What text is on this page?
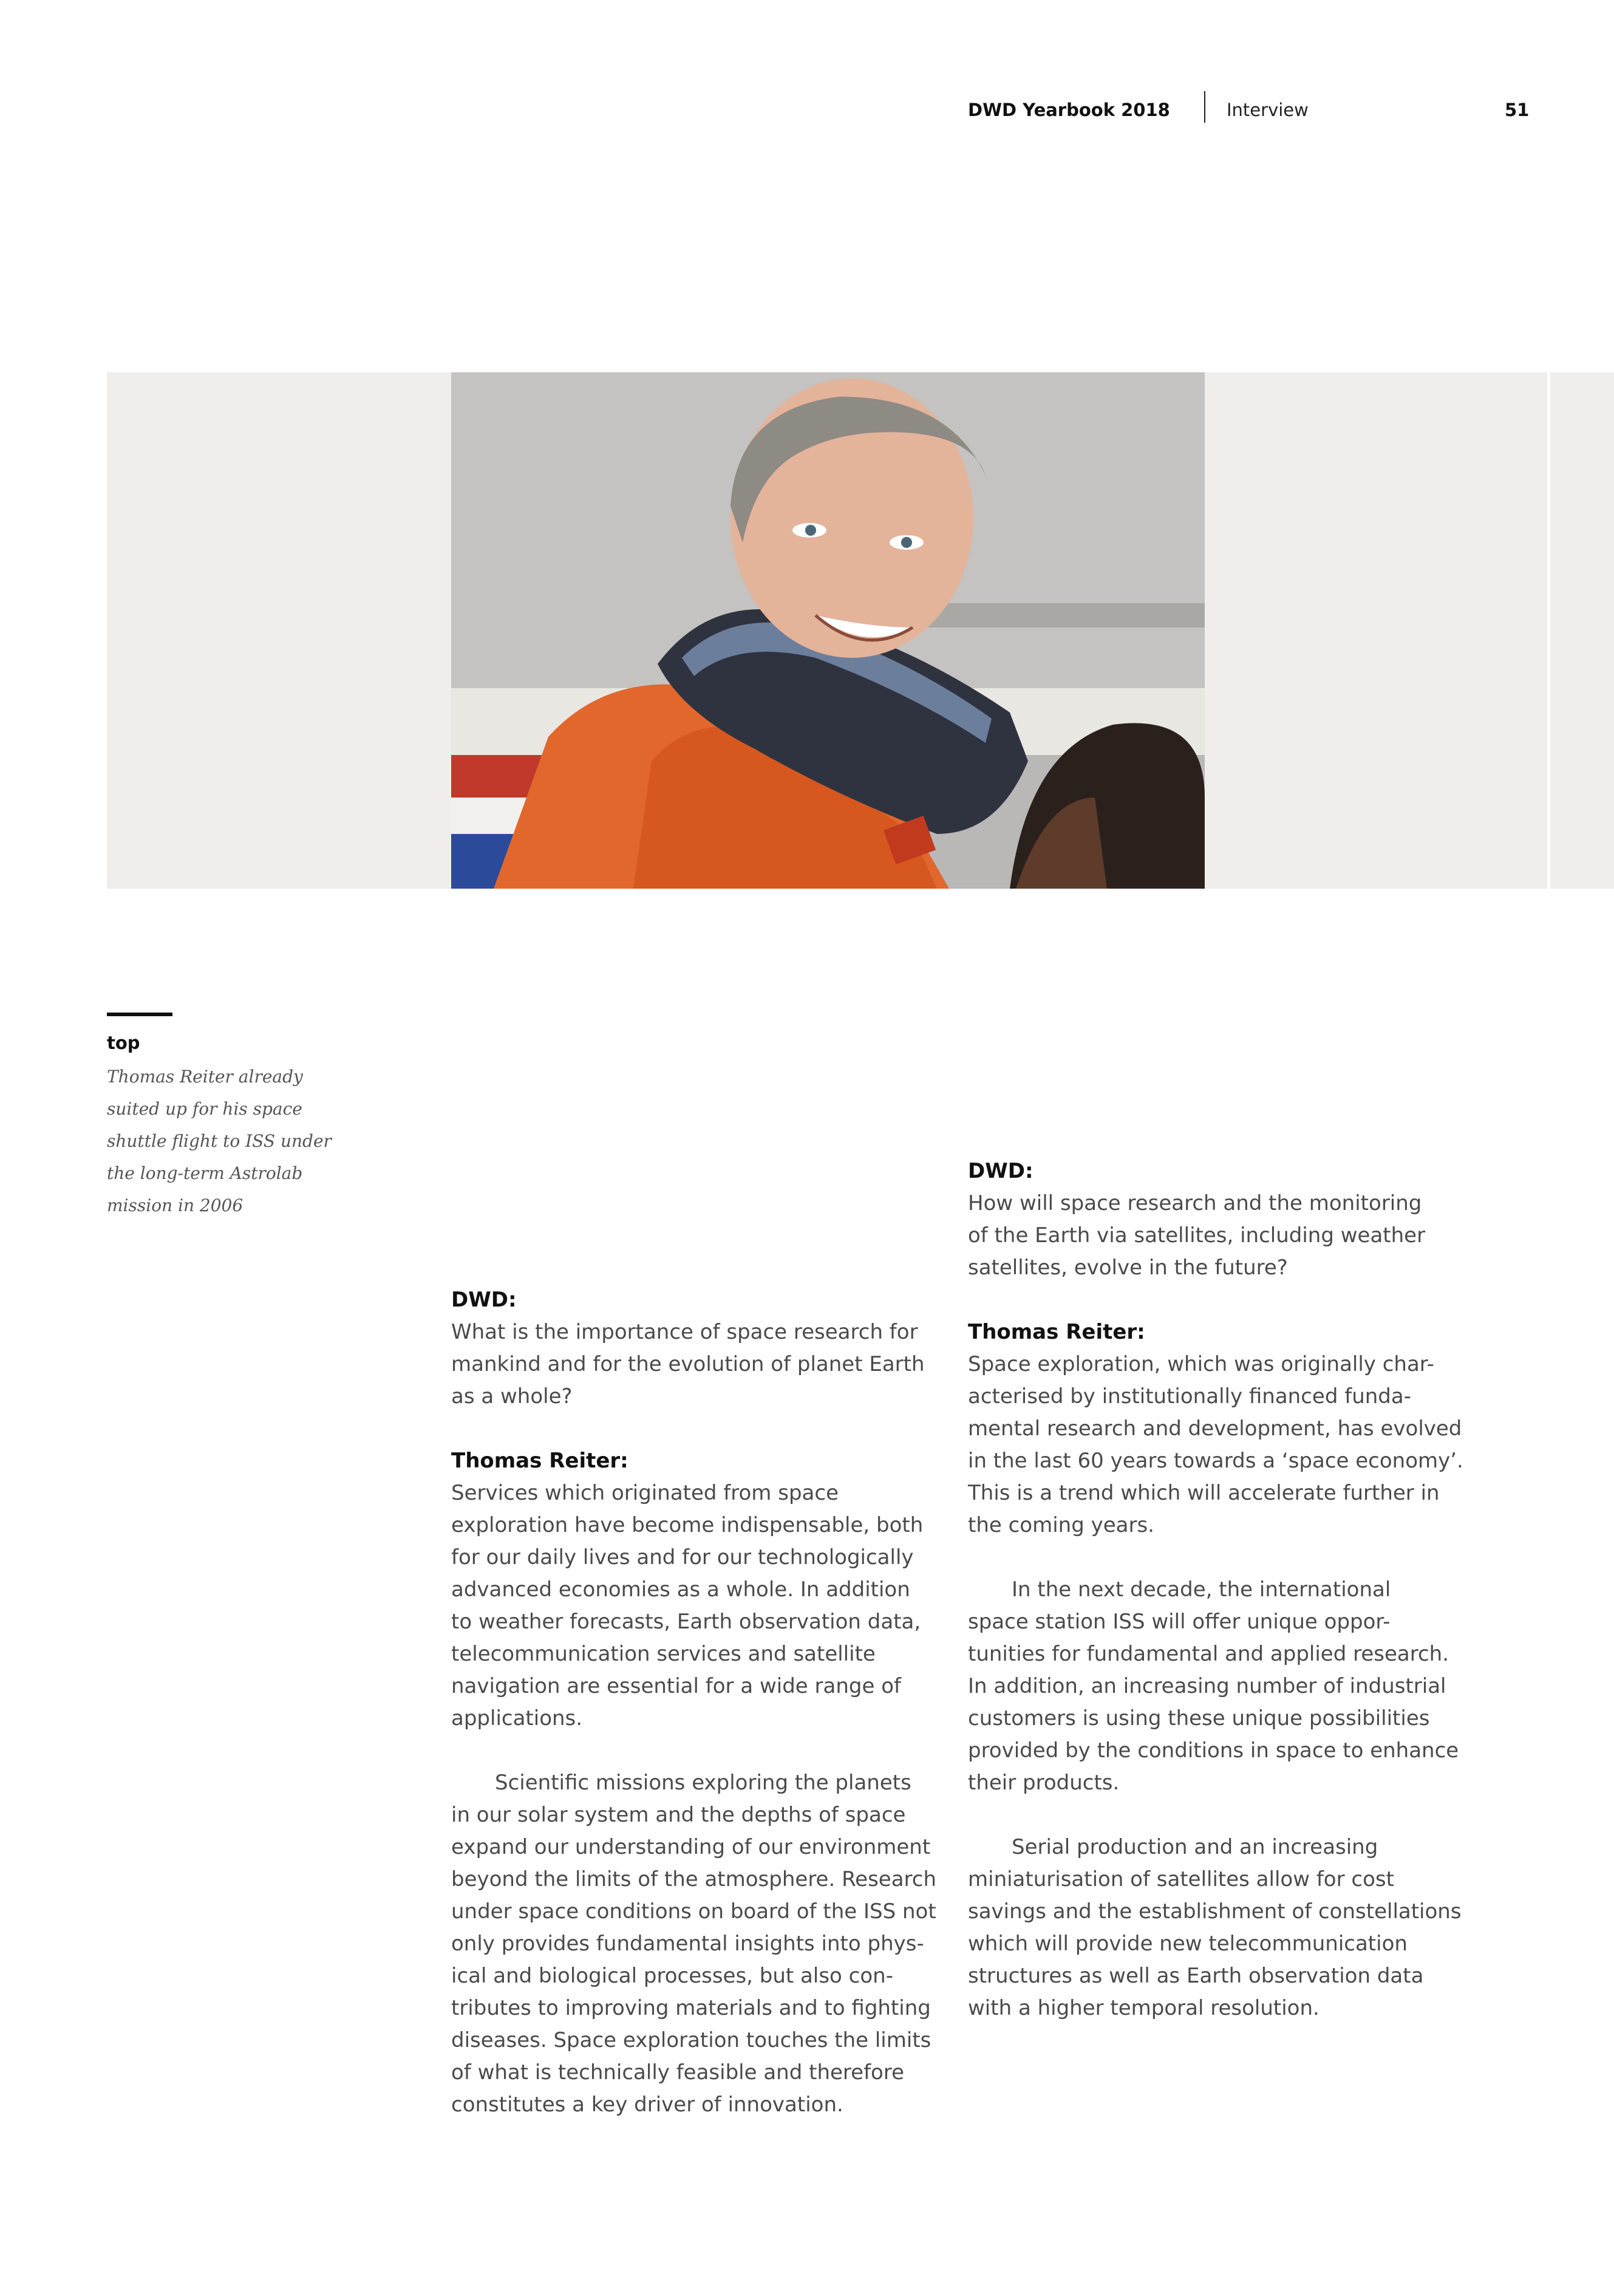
DWD Yearbook 2018	Interview	51
top
Thomas Reiter already
suited up for his space
shuttle flight to ISS under
the long-term Astrolab
mission in 2006
DWD:
What is the importance of space research for
mankind and for the evolution of planet Earth
as a whole?
Thomas Reiter:
Services which originated from space
exploration have become indispensable, both
for our daily lives and for our technologically
advanced economies as a whole. In addition
to weather forecasts, Earth observation data,
telecommunication services and satellite
navigation are essential for a wide range of
applications.
Scientific missions exploring the planets
in our solar system and the depths of space
expand our understanding of our environment
beyond the limits of the atmosphere. Research
under space conditions on board of the ISS not
only provides fundamental insights into phys-
ical and biological processes, but also con-
tributes to improving materials and to fighting
diseases. Space exploration touches the limits
of what is technically feasible and therefore
constitutes a key driver of innovation.
DWD:
How will space research and the monitoring
of the Earth via satellites, including weather
satellites, evolve in the future?
Thomas Reiter:
Space exploration, which was originally char-
acterised by institutionally financed funda-
mental research and development, has evolved
in the last 60 years towards a ‘space economy’.
This is a trend which will accelerate further in
the coming years.
In the next decade, the international
space station ISS will offer unique oppor-
tunities for fundamental and applied research.
In addition, an increasing number of industrial
customers is using these unique possibilities
provided by the conditions in space to enhance
their products.
Serial production and an increasing
miniaturisation of satellites allow for cost
savings and the establishment of constellations
which will provide new telecommunication
structures as well as Earth observation data
with a higher temporal resolution.
